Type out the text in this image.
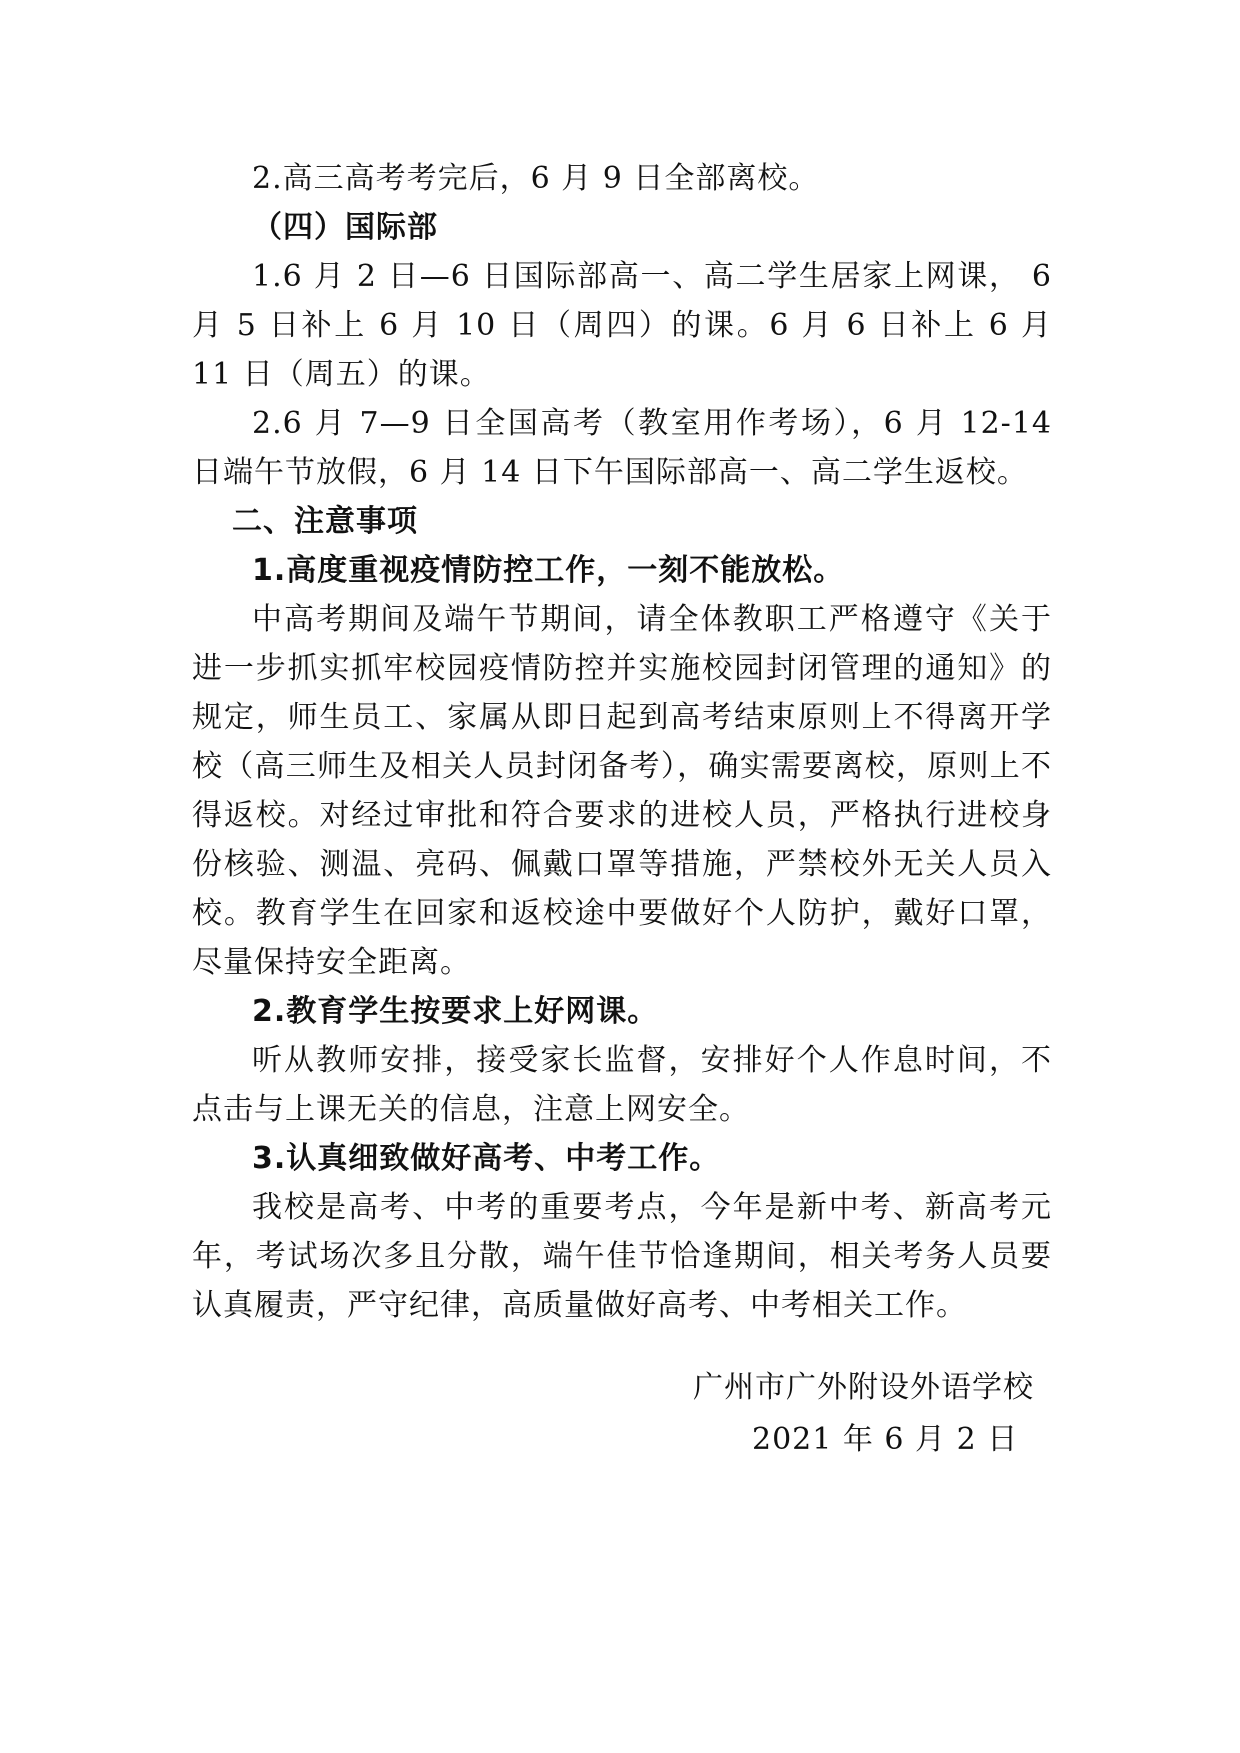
2.高三高考考完后，6 月 9 日全部离校。

（四）国际部

1.6 月 2 日—6 日国际部高一、高二学生居家上网课， 6 月 5 日补上 6 月 10 日（周四）的课。6 月 6 日补上 6 月 11 日（周五）的课。

2.6 月 7—9 日全国高考（教室用作考场），6 月 12-14 日端午节放假，6 月 14 日下午国际部高一、高二学生返校。

二、注意事项

1.高度重视疫情防控工作，一刻不能放松。

中高考期间及端午节期间，请全体教职工严格遵守《关于进一步抓实抓牢校园疫情防控并实施校园封闭管理的通知》的规定，师生员工、家属从即日起到高考结束原则上不得离开学校（高三师生及相关人员封闭备考），确实需要离校，原则上不得返校。对经过审批和符合要求的进校人员，严格执行进校身份核验、测温、亮码、佩戴口罩等措施，严禁校外无关人员入校。教育学生在回家和返校途中要做好个人防护，戴好口罩，尽量保持安全距离。

2.教育学生按要求上好网课。

听从教师安排，接受家长监督，安排好个人作息时间，不点击与上课无关的信息，注意上网安全。

3.认真细致做好高考、中考工作。

我校是高考、中考的重要考点，今年是新中考、新高考元年，考试场次多且分散，端午佳节恰逢期间，相关考务人员要认真履责，严守纪律，高质量做好高考、中考相关工作。

广州市广外附设外语学校
2021 年 6 月 2 日
